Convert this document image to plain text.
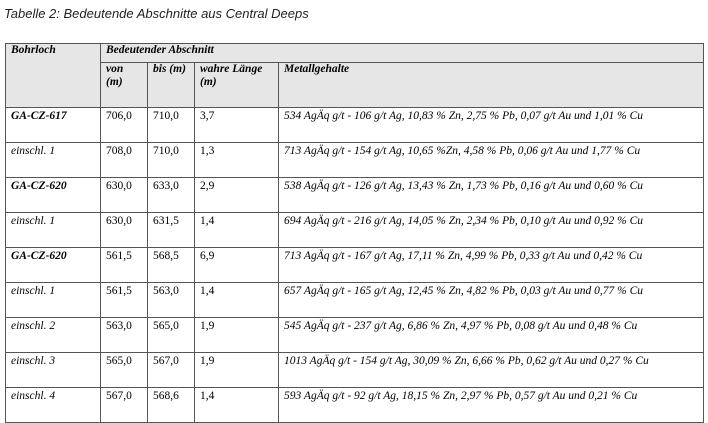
Tabelle 2: Bedeutende Abschnitte aus Central Deeps
Bohrloch	Bedeutender Abschnitt			
	von (m)	bis (m)	wahre Länge (m)	Metallgehalte
GA-CZ-617	706,0	710,0	3,7	534 AgÄq g/t - 106 g/t Ag, 10,83 % Zn, 2,75 % Pb, 0,07 g/t Au und 1,01 % Cu
einschl. 1	708,0	710,0	1,3	713 AgÄq g/t - 154 g/t Ag, 10,65 %Zn, 4,58 % Pb, 0,06 g/t Au und 1,77 % Cu
GA-CZ-620	630,0	633,0	2,9	538 AgÄq g/t - 126 g/t Ag, 13,43 % Zn, 1,73 % Pb, 0,16 g/t Au und 0,60 % Cu
einschl. 1	630,0	631,5	1,4	694 AgÄq g/t - 216 g/t Ag, 14,05 % Zn, 2,34 % Pb, 0,10 g/t Au und 0,92 % Cu
GA-CZ-620	561,5	568,5	6,9	713 AgÄq g/t - 167 g/t Ag, 17,11 % Zn, 4,99 % Pb, 0,33 g/t Au und 0,42 % Cu
einschl. 1	561,5	563,0	1,4	657 AgÄq g/t - 165 g/t Ag, 12,45 % Zn, 4,82 % Pb, 0,03 g/t Au und 0,77 % Cu
einschl. 2	563,0	565,0	1,9	545 AgÄq g/t - 237 g/t Ag, 6,86 % Zn, 4,97 % Pb, 0,08 g/t Au und 0,48 % Cu
einschl. 3	565,0	567,0	1,9	1013 AgÄq g/t - 154 g/t Ag, 30,09 % Zn, 6,66 % Pb, 0,62 g/t Au und 0,27 % Cu
einschl. 4	567,0	568,6	1,4	593 AgÄq g/t - 92 g/t Ag, 18,15 % Zn, 2,97 % Pb, 0,57 g/t Au und 0,21 % Cu
